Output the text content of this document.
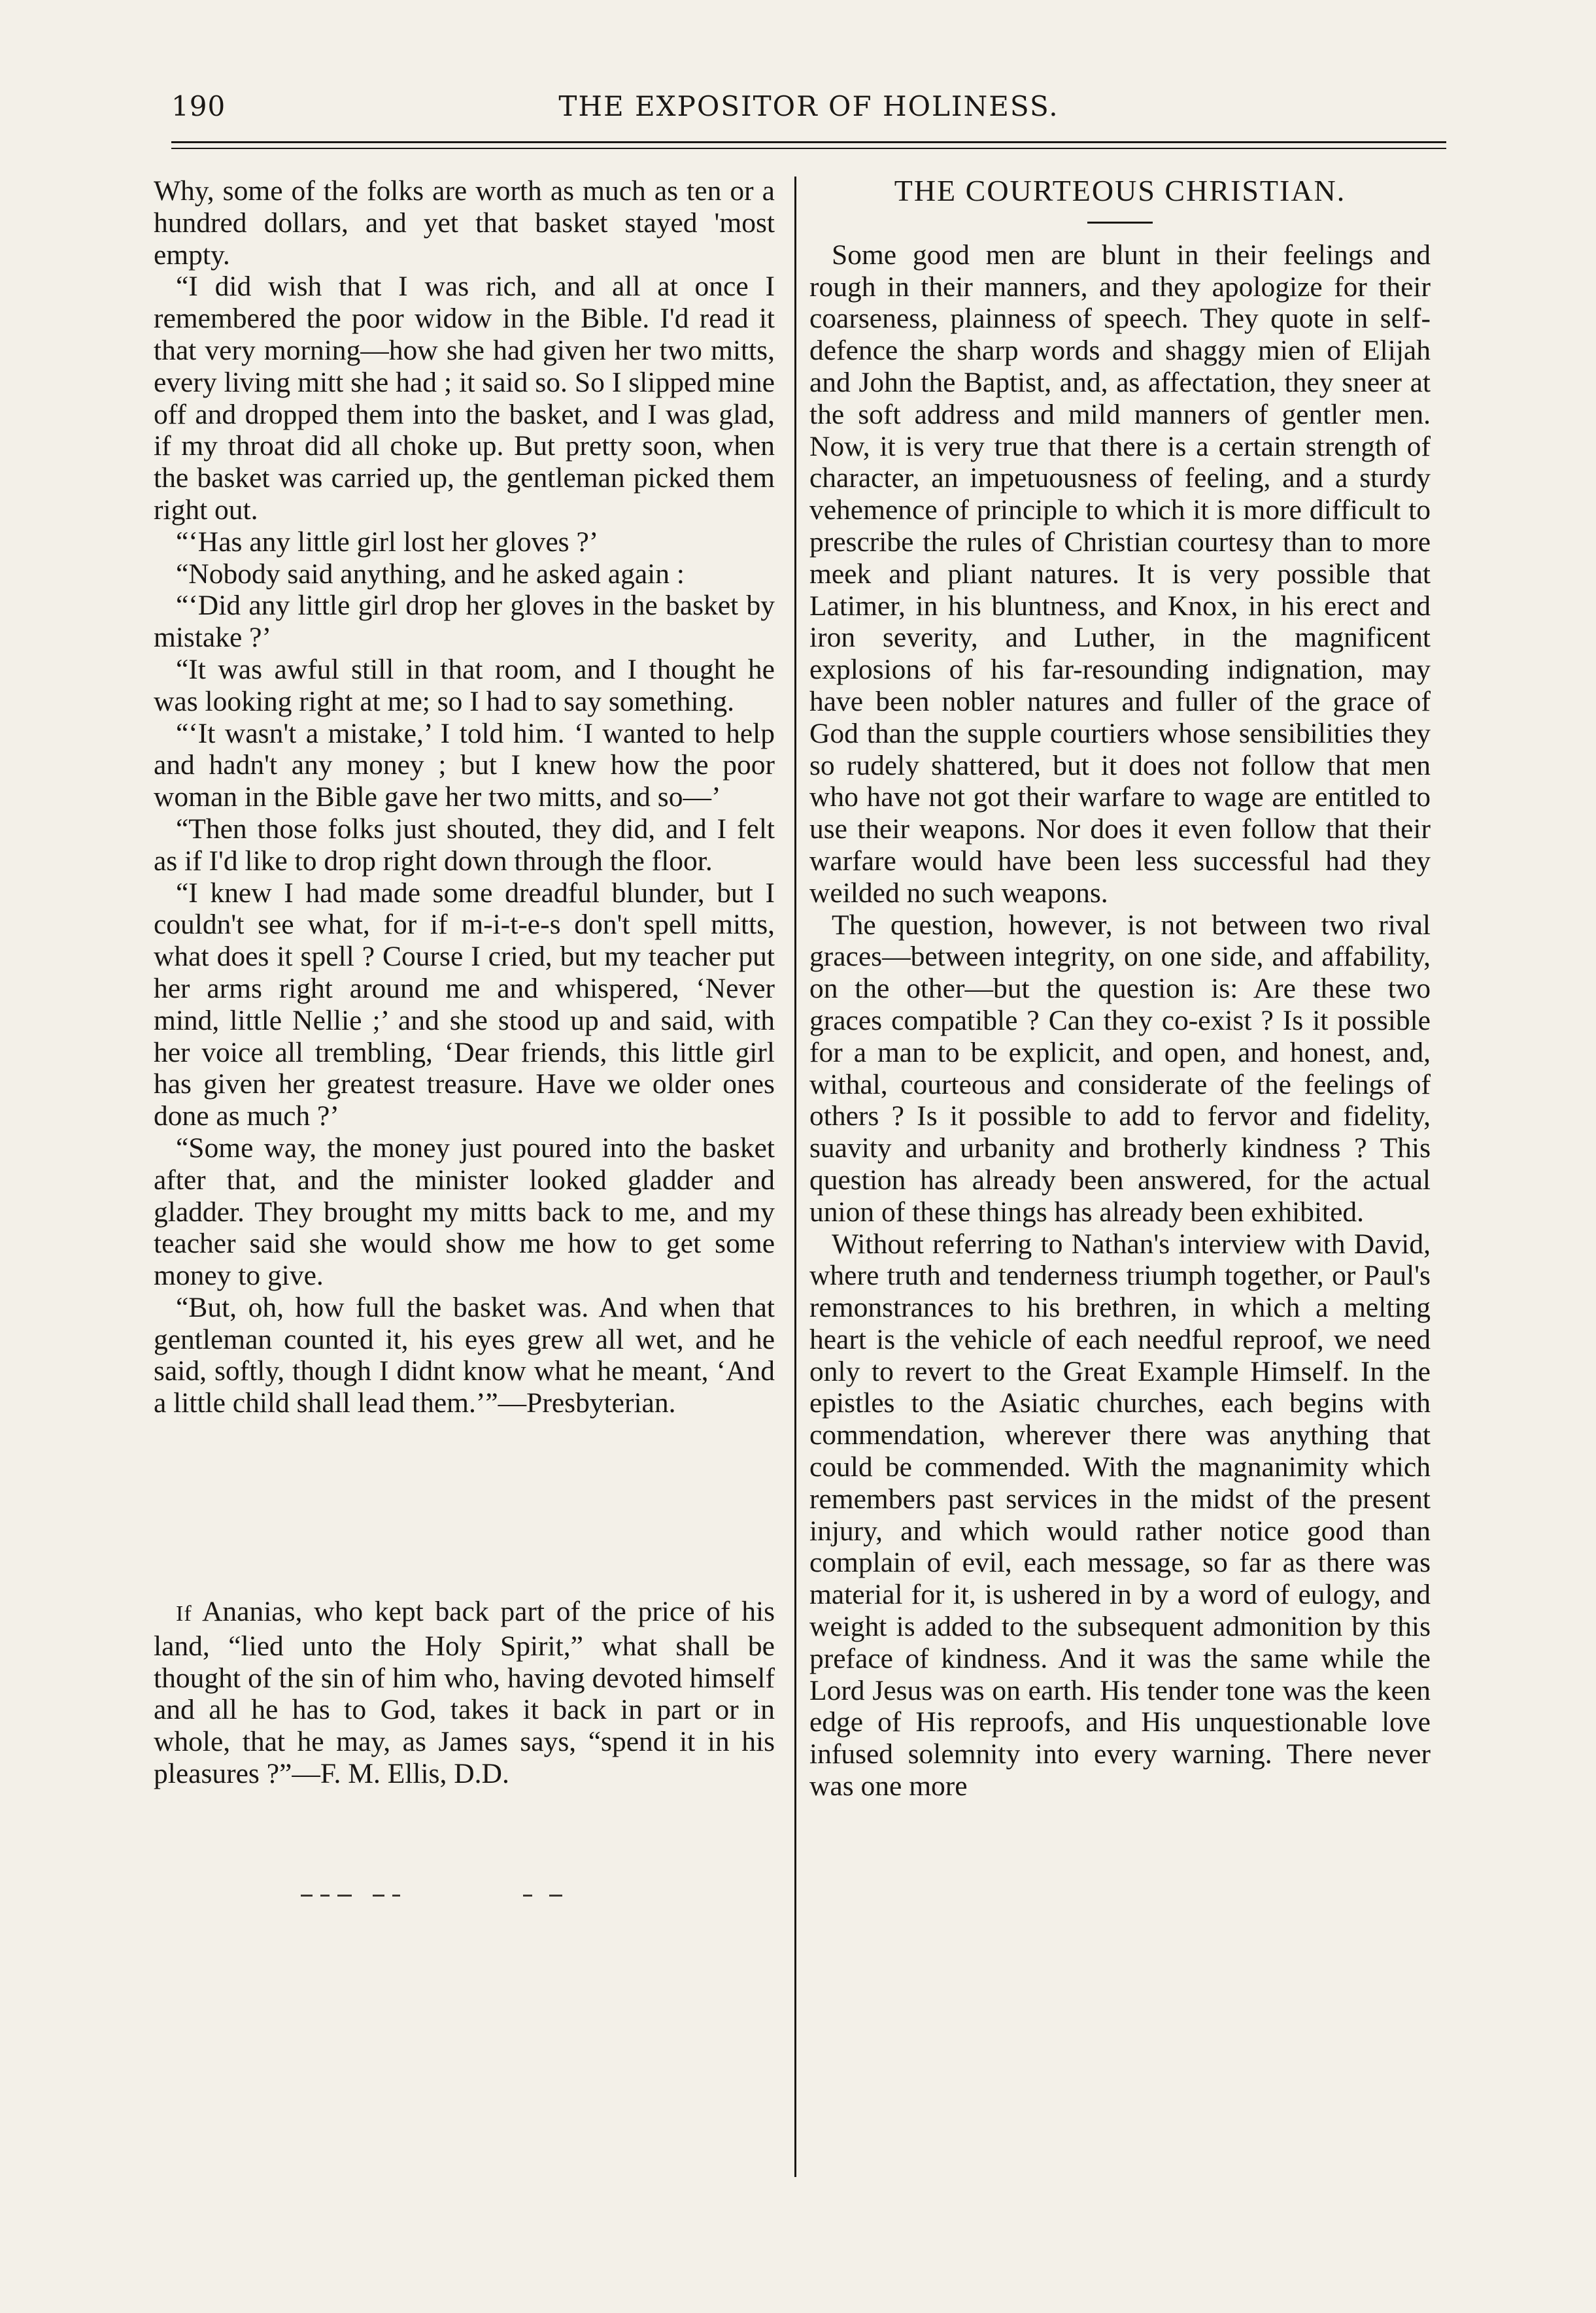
190	THE EXPOSITOR OF HOLINESS.

Why, some of the folks are worth as much as ten or a hundred dollars, and yet that basket stayed 'most empty.

“I did wish that I was rich, and all at once I remembered the poor widow in the Bible. I'd read it that very morning—how she had given her two mitts, every living mitt she had ; it said so. So I slipped mine off and dropped them into the basket, and I was glad, if my throat did all choke up. But pretty soon, when the basket was carried up, the gentleman picked them right out.

“‘Has any little girl lost her gloves ?’

“Nobody said anything, and he asked again :

“‘Did any little girl drop her gloves in the basket by mistake ?’

“It was awful still in that room, and I thought he was looking right at me; so I had to say something.

“‘It wasn't a mistake,’ I told him. ‘I wanted to help and hadn't any money ; but I knew how the poor woman in the Bible gave her two mitts, and so—’

“Then those folks just shouted, they did, and I felt as if I'd like to drop right down through the floor.

“I knew I had made some dreadful blunder, but I couldn't see what, for if m-i-t-e-s don't spell mitts, what does it spell ? Course I cried, but my teacher put her arms right around me and whispered, ‘Never mind, little Nellie ;’ and she stood up and said, with her voice all trembling, ‘Dear friends, this little girl has given her greatest treasure. Have we older ones done as much ?’

“Some way, the money just poured into the basket after that, and the minister looked gladder and gladder. They brought my mitts back to me, and my teacher said she would show me how to get some money to give.

“But, oh, how full the basket was. And when that gentleman counted it, his eyes grew all wet, and he said, softly, though I didnt know what he meant, ‘And a little child shall lead them.’”—Presbyterian.

If Ananias, who kept back part of the price of his land, “lied unto the Holy Spirit,” what shall be thought of the sin of him who, having devoted himself and all he has to God, takes it back in part or in whole, that he may, as James says, “spend it in his pleasures ?”—F. M. Ellis, D.D.

THE COURTEOUS CHRISTIAN.

Some good men are blunt in their feelings and rough in their manners, and they apologize for their coarseness, plainness of speech. They quote in self-defence the sharp words and shaggy mien of Elijah and John the Baptist, and, as affectation, they sneer at the soft address and mild manners of gentler men. Now, it is very true that there is a certain strength of character, an impetuousness of feeling, and a sturdy vehemence of principle to which it is more difficult to prescribe the rules of Christian courtesy than to more meek and pliant natures. It is very possible that Latimer, in his bluntness, and Knox, in his erect and iron severity, and Luther, in the magnificent explosions of his far-resounding indignation, may have been nobler natures and fuller of the grace of God than the supple courtiers whose sensibilities they so rudely shattered, but it does not follow that men who have not got their warfare to wage are entitled to use their weapons. Nor does it even follow that their warfare would have been less successful had they weilded no such weapons.

The question, however, is not between two rival graces—between integrity, on one side, and affability, on the other—but the question is: Are these two graces compatible ? Can they co-exist ? Is it possible for a man to be explicit, and open, and honest, and, withal, courteous and considerate of the feelings of others ? Is it possible to add to fervor and fidelity, suavity and urbanity and brotherly kindness ? This question has already been answered, for the actual union of these things has already been exhibited.

Without referring to Nathan's interview with David, where truth and tenderness triumph together, or Paul's remonstrances to his brethren, in which a melting heart is the vehicle of each needful reproof, we need only to revert to the Great Example Himself. In the epistles to the Asiatic churches, each begins with commendation, wherever there was anything that could be commended. With the magnanimity which remembers past services in the midst of the present injury, and which would rather notice good than complain of evil, each message, so far as there was material for it, is ushered in by a word of eulogy, and weight is added to the subsequent admonition by this preface of kindness. And it was the same while the Lord Jesus was on earth. His tender tone was the keen edge of His reproofs, and His unquestionable love infused solemnity into every warning. There never was one more
